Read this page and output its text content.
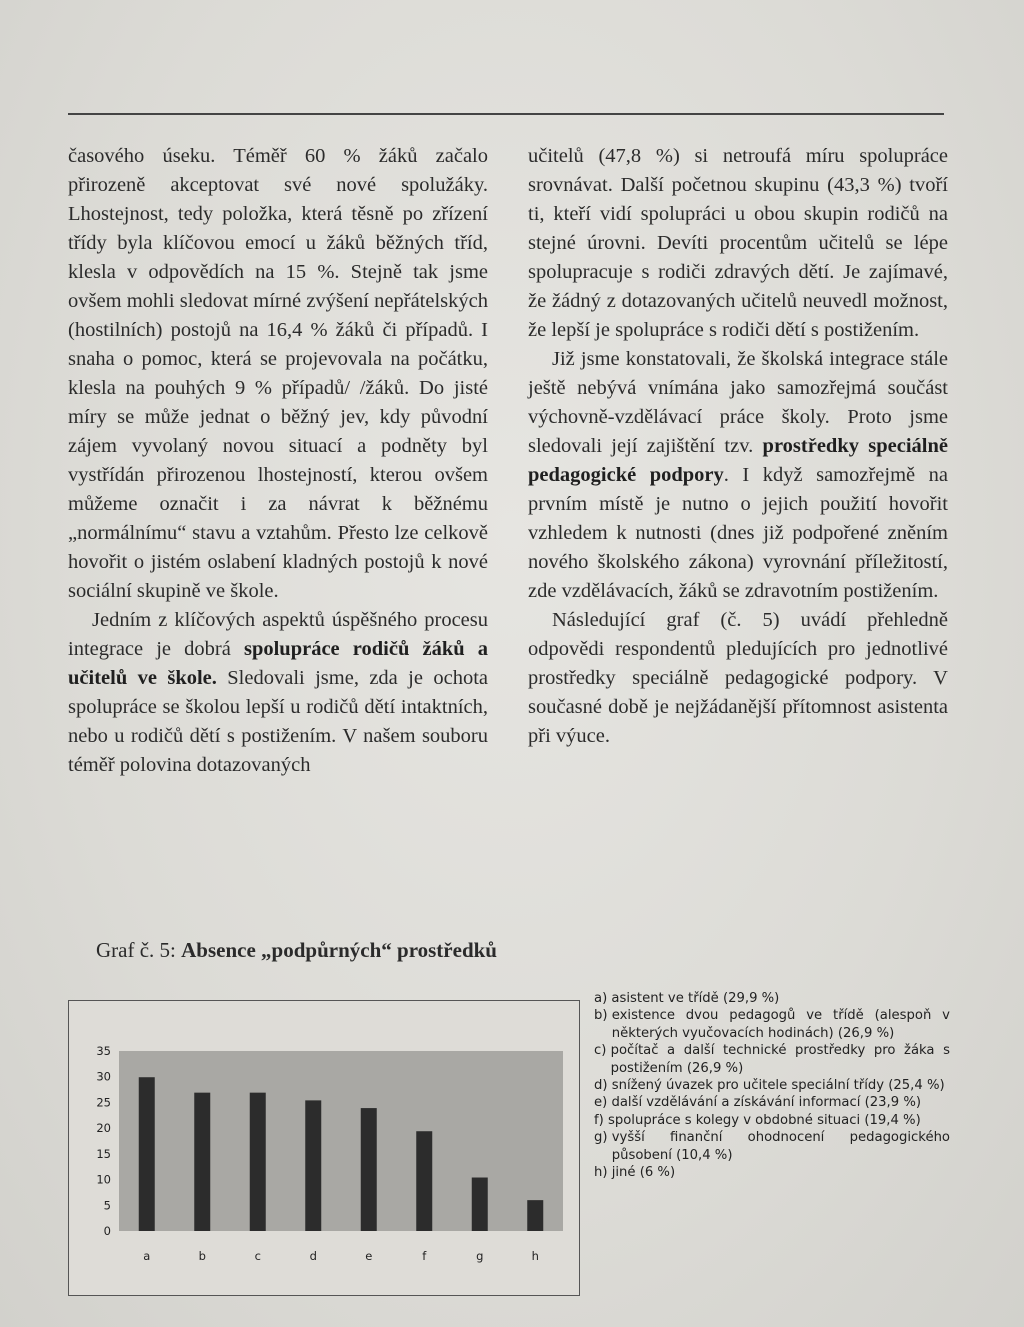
časového úseku. Téměř 60 % žáků začalo přirozeně akceptovat své nové spolužáky. Lhostejnost, tedy položka, která těsně po zřízení třídy byla klíčovou emocí u žáků běžných tříd, klesla v odpovědích na 15 %. Stejně tak jsme ovšem mohli sledovat mírné zvýšení nepřátelských (hostilních) postojů na 16,4 % žáků či případů. I snaha o pomoc, která se projevovala na počátku, klesla na pouhých 9 % případů/ /žáků. Do jisté míry se může jednat o běžný jev, kdy původní zájem vyvolaný novou situací a podněty byl vystřídán přirozenou lhostejností, kterou ovšem můžeme označit i za návrat k běžnému „normálnímu“ stavu a vztahům. Přesto lze celkově hovořit o jistém oslabení kladných postojů k nové sociální skupině ve škole.

Jedním z klíčových aspektů úspěšného procesu integrace je dobrá spolupráce rodičů žáků a učitelů ve škole. Sledovali jsme, zda je ochota spolupráce se školou lepší u rodičů dětí intaktních, nebo u rodičů dětí s postižením. V našem souboru téměř polovina dotazovaných

učitelů (47,8 %) si netroufá míru spolupráce srovnávat. Další početnou skupinu (43,3 %) tvoří ti, kteří vidí spolupráci u obou skupin rodičů na stejné úrovni. Devíti procentům učitelů se lépe spolupracuje s rodiči zdravých dětí. Je zajímavé, že žádný z dotazovaných učitelů neuvedl možnost, že lepší je spolupráce s rodiči dětí s postižením.

Již jsme konstatovali, že školská integrace stále ještě nebývá vnímána jako samozřejmá součást výchovně-vzdělávací práce školy. Proto jsme sledovali její zajištění tzv. prostředky speciálně pedagogické podpory. I když samozřejmě na prvním místě je nutno o jejich použití hovořit vzhledem k nutnosti (dnes již podpořené zněním nového školského zákona) vyrovnání příležitostí, zde vzdělávacích, žáků se zdravotním postižením.

Následující graf (č. 5) uvádí přehledně odpovědi respondentů pledujících pro jednotlivé prostředky speciálně pedagogické podpory. V současné době je nejžádanější přítomnost asistenta při výuce.

Graf č. 5: Absence „podpůrných“ prostředků
0
5
10
15
20
25
30
35
a	b	c	d	e	f	g	h
a) asistent ve třídě (29,9 %)
b) existence dvou pedagogů ve třídě (alespoň v některých vyučovacích hodinách) (26,9 %)
c) počítač a další technické prostředky pro žáka s postižením (26,9 %)
d) snížený úvazek pro učitele speciální třídy (25,4 %)
e) další vzdělávání a získávání informací (23,9 %)
f) spolupráce s kolegy v obdobné situaci (19,4 %)
g) vyšší finanční ohodnocení pedagogického působení (10,4 %)
h) jiné (6 %)
